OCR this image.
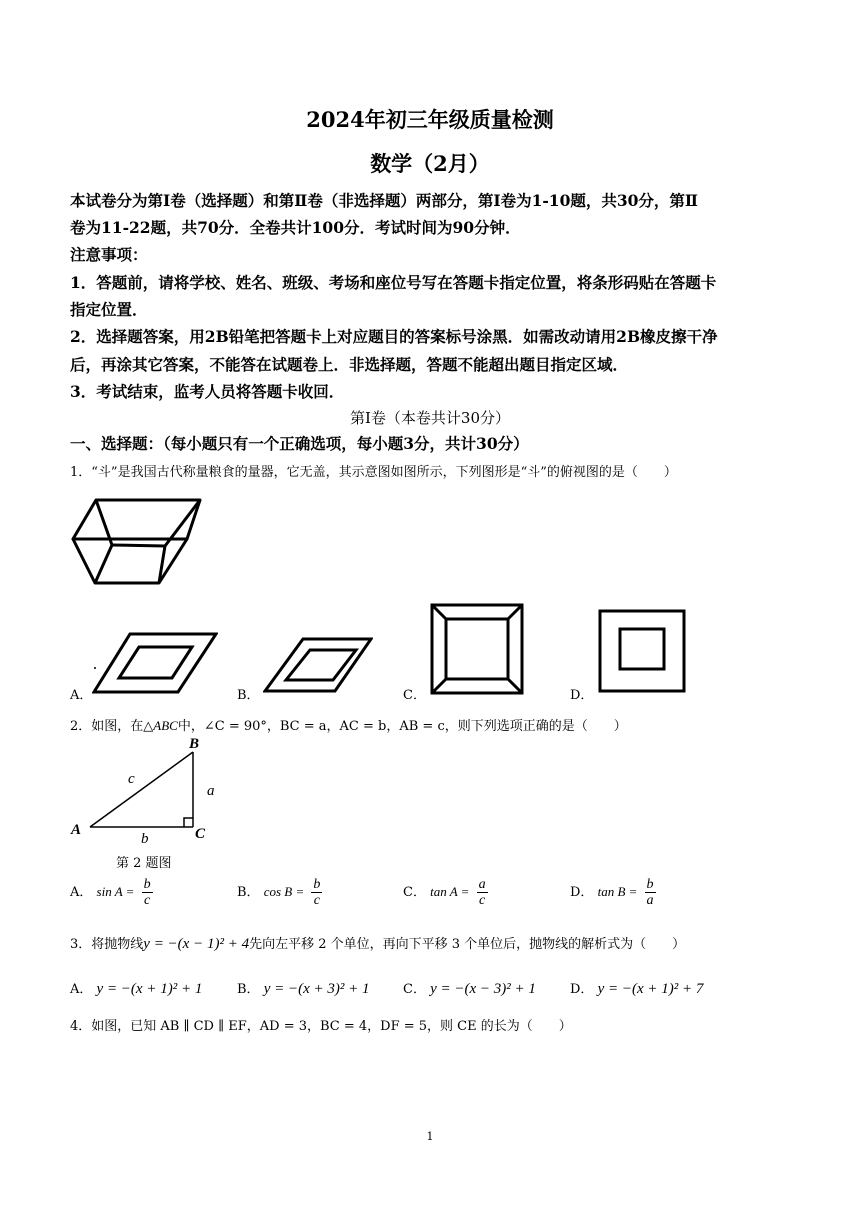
2024年初三年级质量检测
数学（2月）
本试卷分为第Ⅰ卷（选择题）和第Ⅱ卷（非选择题）两部分，第Ⅰ卷为1-10题，共30分，第Ⅱ
卷为11-22题，共70分．全卷共计100分．考试时间为90分钟．
注意事项：
1．答题前，请将学校、姓名、班级、考场和座位号写在答题卡指定位置，将条形码贴在答题卡
指定位置．
2．选择题答案，用2B铅笔把答题卡上对应题目的答案标号涂黑．如需改动请用2B橡皮擦干净
后，再涂其它答案，不能答在试题卷上．非选择题，答题不能超出题目指定区域．
3．考试结束，监考人员将答题卡收回．
第Ⅰ卷（本卷共计30分）
一、选择题：（每小题只有一个正确选项，每小题3分，共计30分）
1．“斗”是我国古代称量粮食的量器，它无盖，其示意图如图所示，下列图形是“斗”的俯视图的是（　　）
A．	B．	C．	D．
2．如图，在△ABC中，∠C = 90°，BC = a，AC = b，AB = c，则下列选项正确的是（　　）
A
B
C
a
b
c
第 2 题图
A． $\sin A = \frac{b}{c}$	B． $\cos B = \frac{b}{c}$	C． $\tan A = \frac{a}{c}$	D． $\tan B = \frac{b}{a}$
3．将抛物线y = −(x − 1)² + 4先向左平移 2 个单位，再向下平移 3 个单位后，抛物线的解析式为（　　）
A． y = −(x + 1)² + 1	B． y = −(x + 3)² + 1	C． y = −(x − 3)² + 1	D． y = −(x + 1)² + 7
4．如图，已知 AB ∥ CD ∥ EF，AD = 3，BC = 4，DF = 5，则 CE 的长为（　　）
1
